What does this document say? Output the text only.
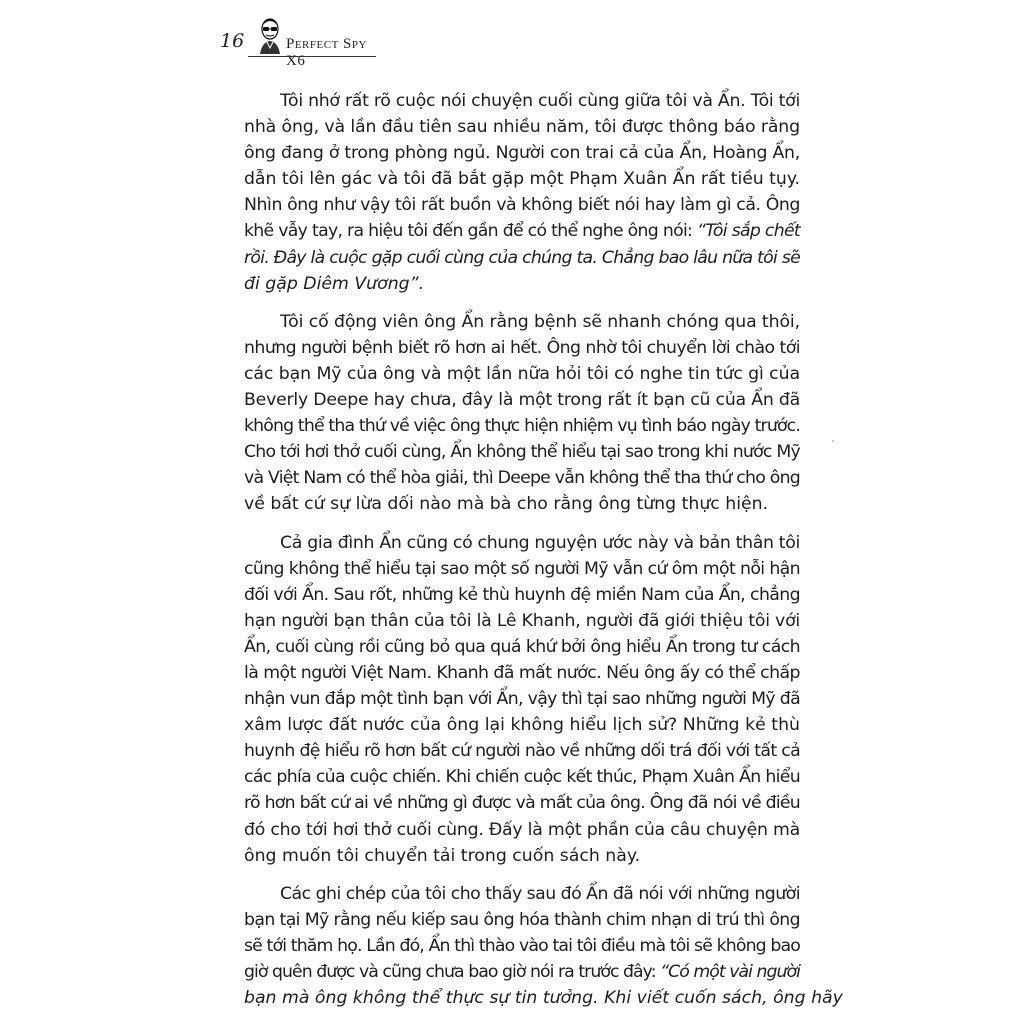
16	Perfect Spy X6

Tôi nhớ rất rõ cuộc nói chuyện cuối cùng giữa tôi và Ẩn. Tôi tới
nhà ông, và lần đầu tiên sau nhiều năm, tôi được thông báo rằng
ông đang ở trong phòng ngủ. Người con trai cả của Ẩn, Hoàng Ẩn,
dẫn tôi lên gác và tôi đã bắt gặp một Phạm Xuân Ẩn rất tiều tụy.
Nhìn ông như vậy tôi rất buồn và không biết nói hay làm gì cả. Ông
khẽ vẫy tay, ra hiệu tôi đến gần để có thể nghe ông nói: “Tôi sắp chết
rồi. Đây là cuộc gặp cuối cùng của chúng ta. Chẳng bao lâu nữa tôi sẽ
đi gặp Diêm Vương”.

Tôi cố động viên ông Ẩn rằng bệnh sẽ nhanh chóng qua thôi,
nhưng người bệnh biết rõ hơn ai hết. Ông nhờ tôi chuyển lời chào tới
các bạn Mỹ của ông và một lần nữa hỏi tôi có nghe tin tức gì của
Beverly Deepe hay chưa, đây là một trong rất ít bạn cũ của Ẩn đã
không thể tha thứ về việc ông thực hiện nhiệm vụ tình báo ngày trước.
Cho tới hơi thở cuối cùng, Ẩn không thể hiểu tại sao trong khi nước Mỹ
và Việt Nam có thể hòa giải, thì Deepe vẫn không thể tha thứ cho ông
về bất cứ sự lừa dối nào mà bà cho rằng ông từng thực hiện.

Cả gia đình Ẩn cũng có chung nguyện ước này và bản thân tôi
cũng không thể hiểu tại sao một số người Mỹ vẫn cứ ôm một nỗi hận
đối với Ẩn. Sau rốt, những kẻ thù huynh đệ miền Nam của Ẩn, chẳng
hạn người bạn thân của tôi là Lê Khanh, người đã giới thiệu tôi với
Ẩn, cuối cùng rồi cũng bỏ qua quá khứ bởi ông hiểu Ẩn trong tư cách
là một người Việt Nam. Khanh đã mất nước. Nếu ông ấy có thể chấp
nhận vun đắp một tình bạn với Ẩn, vậy thì tại sao những người Mỹ đã
xâm lược đất nước của ông lại không hiểu lịch sử? Những kẻ thù
huynh đệ hiểu rõ hơn bất cứ người nào về những dối trá đối với tất cả
các phía của cuộc chiến. Khi chiến cuộc kết thúc, Phạm Xuân Ẩn hiểu
rõ hơn bất cứ ai về những gì được và mất của ông. Ông đã nói về điều
đó cho tới hơi thở cuối cùng. Đấy là một phần của câu chuyện mà
ông muốn tôi chuyển tải trong cuốn sách này.

Các ghi chép của tôi cho thấy sau đó Ẩn đã nói với những người
bạn tại Mỹ rằng nếu kiếp sau ông hóa thành chim nhạn di trú thì ông
sẽ tới thăm họ. Lần đó, Ẩn thì thào vào tai tôi điều mà tôi sẽ không bao
giờ quên được và cũng chưa bao giờ nói ra trước đây: “Có một vài người
bạn mà ông không thể thực sự tin tưởng. Khi viết cuốn sách, ông hãy
